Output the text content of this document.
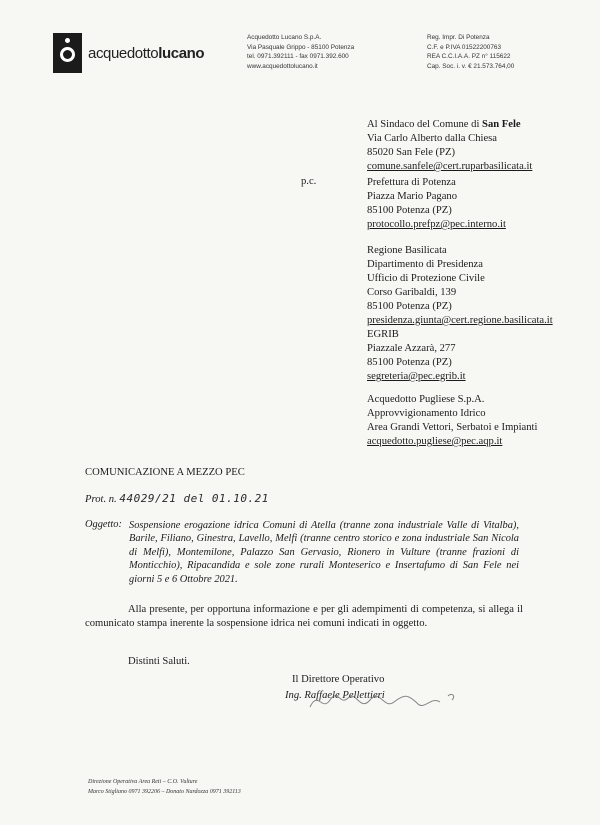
acquedottolucano
Acquedotto Lucano S.p.A.
Via Pasquale Grippo - 85100 Potenza
tel. 0971.392111 - fax 0971.392.600
www.acquedottolucano.it
Reg. Impr. Di Potenza
C.F. e P.IVA 01522200763
REA C.C.I.A.A. PZ n° 115622
Cap. Soc. i. v. € 21.573.764,00
Al Sindaco del Comune di San Fele
Via Carlo Alberto dalla Chiesa
85020 San Fele (PZ)
comune.sanfele@cert.ruparbasilicata.it
p.c.	Prefettura di Potenza
Piazza Mario Pagano
85100 Potenza (PZ)
protocollo.prefpz@pec.interno.it
Regione Basilicata
Dipartimento di Presidenza
Ufficio di Protezione Civile
Corso Garibaldi, 139
85100 Potenza (PZ)
presidenza.giunta@cert.regione.basilicata.it
EGRIB
Piazzale Azzarà, 277
85100 Potenza (PZ)
segreteria@pec.egrib.it
Acquedotto Pugliese S.p.A.
Approvvigionamento Idrico
Area Grandi Vettori, Serbatoi e Impianti
acquedotto.pugliese@pec.aqp.it
COMUNICAZIONE A MEZZO PEC
Prot. n. 44029/21 del 01.10.21
Oggetto: Sospensione erogazione idrica Comuni di Atella (tranne zona industriale Valle di Vitalba), Barile, Filiano, Ginestra, Lavello, Melfi (tranne centro storico e zona industriale San Nicola di Melfi), Montemilone, Palazzo San Gervasio, Rionero in Vulture (tranne frazioni di Monticchio), Ripacandida e sole zone rurali Monteserico e Insertafumo di San Fele nei giorni 5 e 6 Ottobre 2021.
Alla presente, per opportuna informazione e per gli adempimenti di competenza, si allega il comunicato stampa inerente la sospensione idrica nei comuni indicati in oggetto.
Distinti Saluti.
Il Direttore Operativo
Ing. Raffaele Pellettieri
Direzione Operativa Area Reti – C.O. Vulture
Marco Stigliano 0971 392206 – Donato Nardozza 0971 392113
